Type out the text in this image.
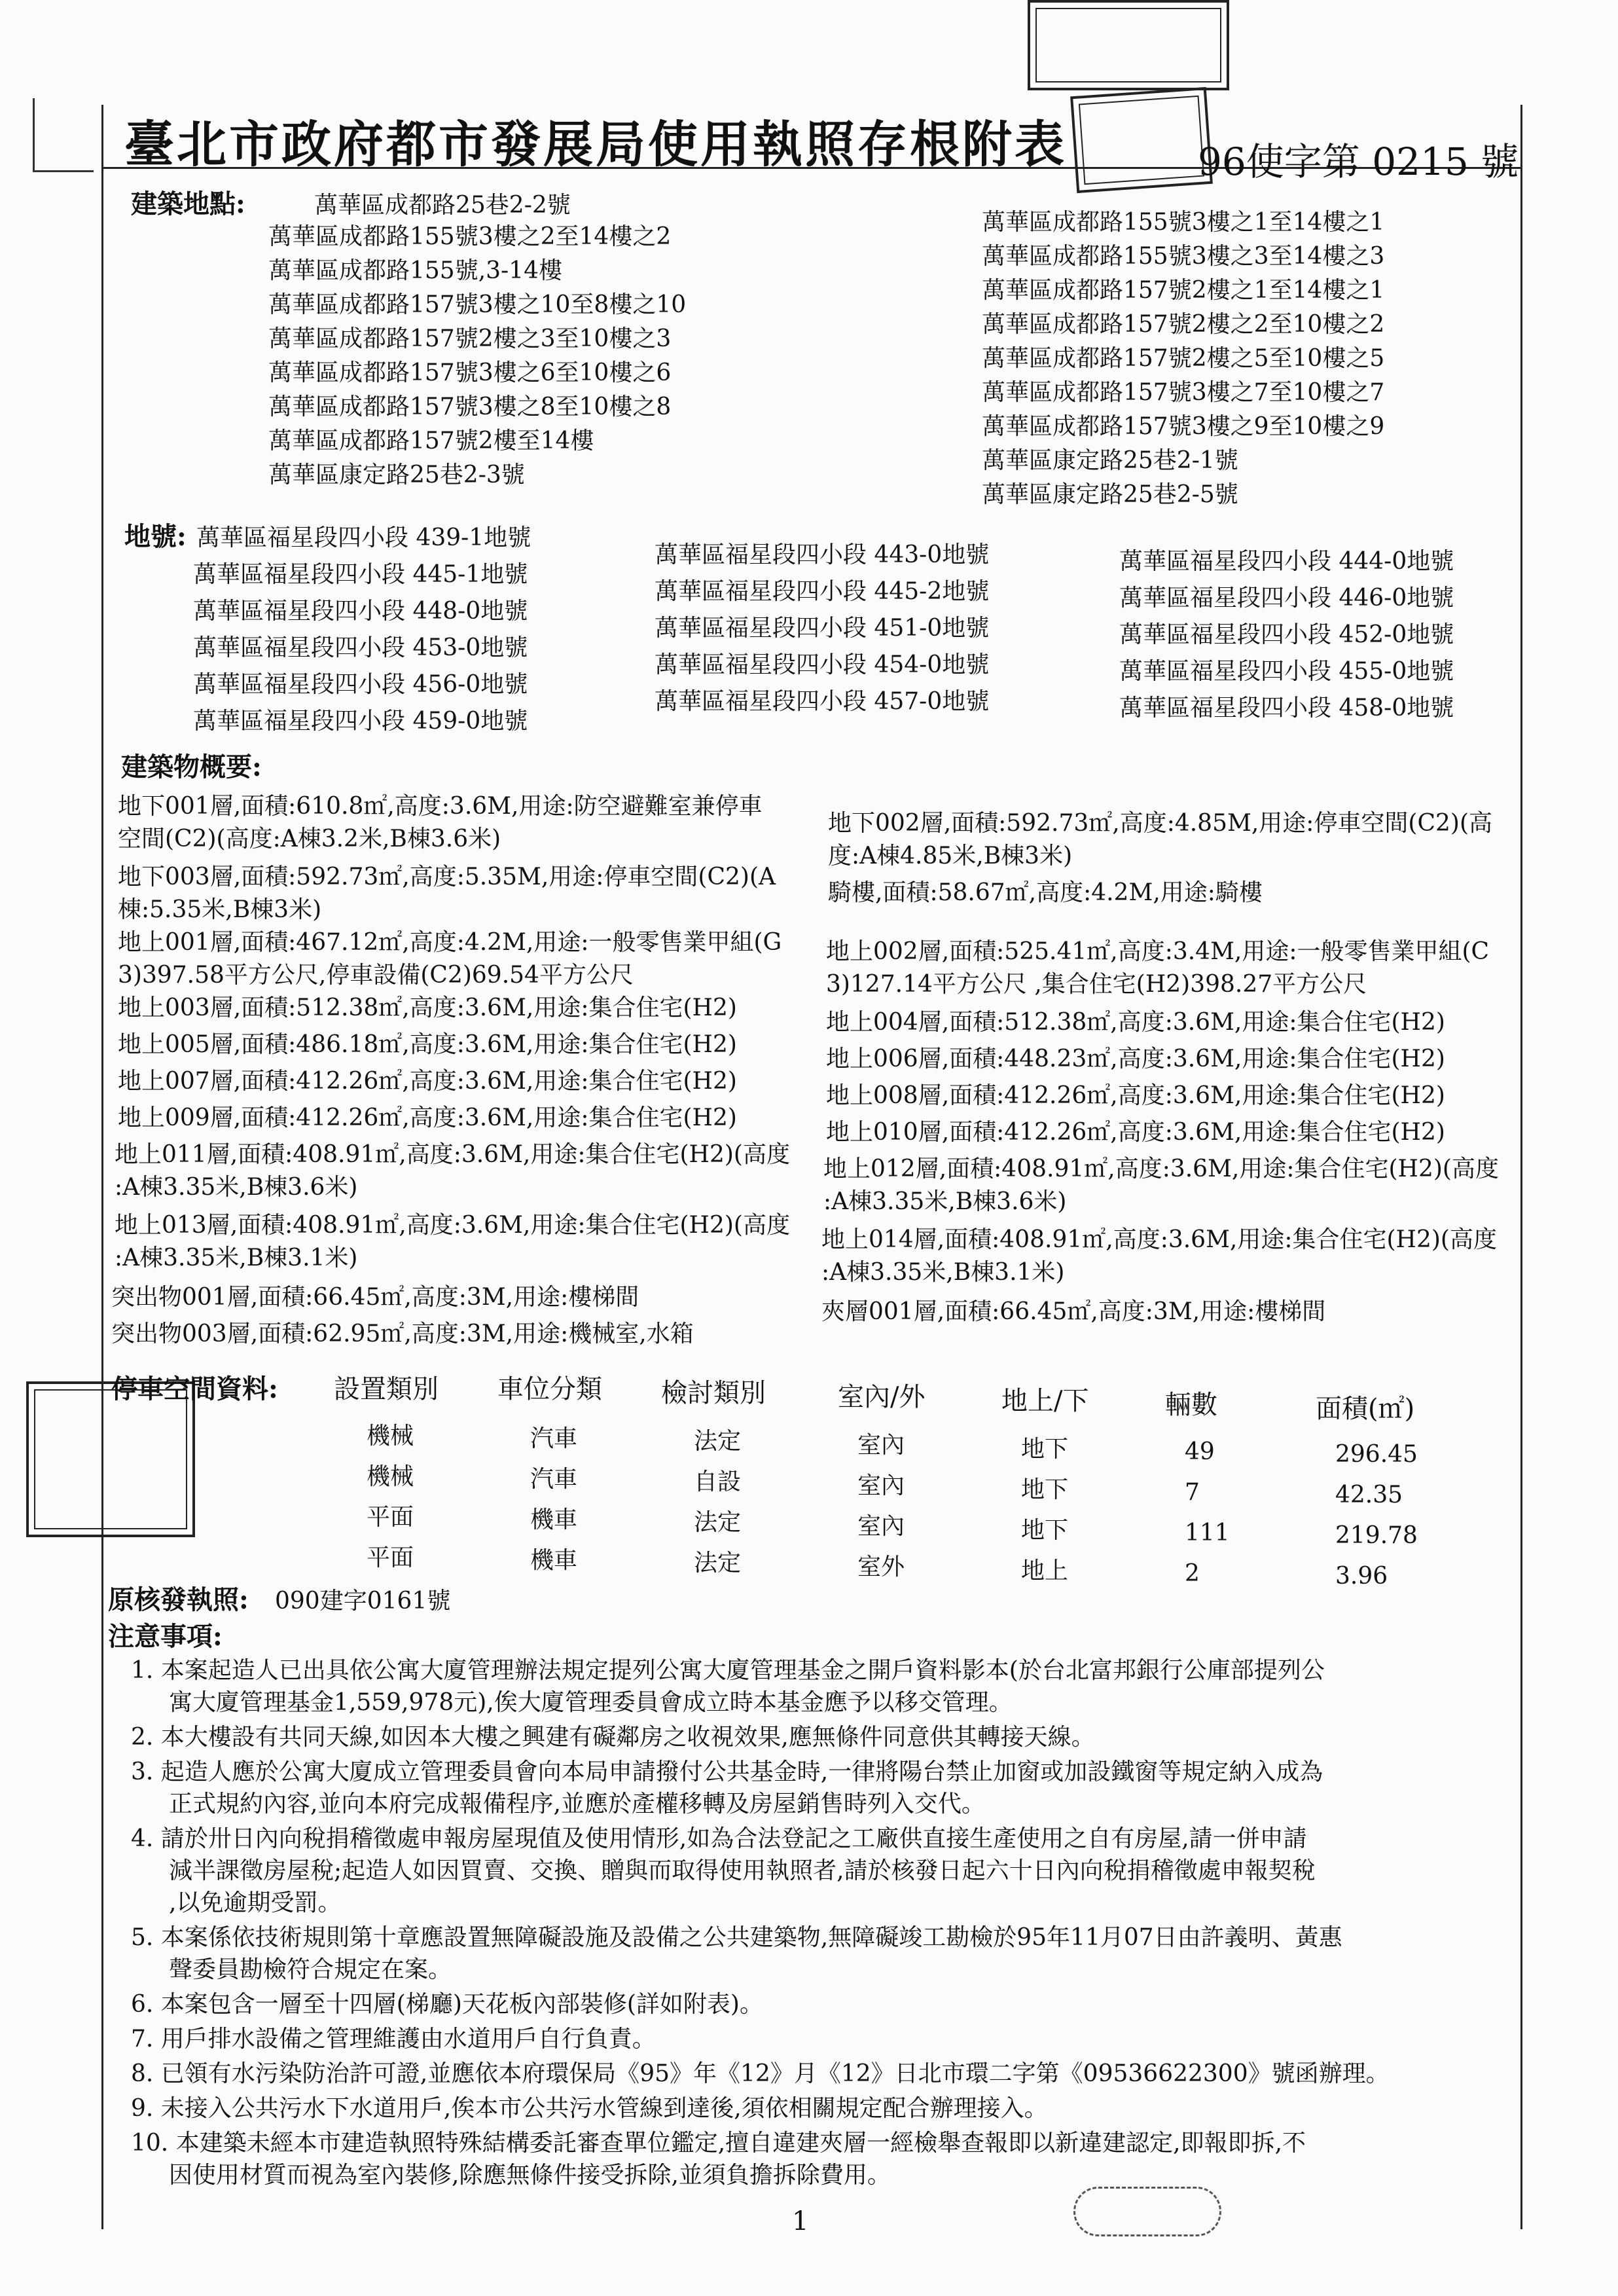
臺北市政府都市發展局使用執照存根附表	96使字第 0215 號
建築地點:	萬華區成都路25巷2-2號
萬華區成都路155號3樓之2至14樓之2
萬華區成都路155號,3-14樓
萬華區成都路157號3樓之10至8樓之10
萬華區成都路157號2樓之3至10樓之3
萬華區成都路157號3樓之6至10樓之6
萬華區成都路157號3樓之8至10樓之8
萬華區成都路157號2樓至14樓
萬華區康定路25巷2-3號
萬華區成都路155號3樓之1至14樓之1
萬華區成都路155號3樓之3至14樓之3
萬華區成都路157號2樓之1至14樓之1
萬華區成都路157號2樓之2至10樓之2
萬華區成都路157號2樓之5至10樓之5
萬華區成都路157號3樓之7至10樓之7
萬華區成都路157號3樓之9至10樓之9
萬華區康定路25巷2-1號
萬華區康定路25巷2-5號
地號: 萬華區福星段四小段 439-1地號
萬華區福星段四小段 445-1地號
萬華區福星段四小段 448-0地號
萬華區福星段四小段 453-0地號
萬華區福星段四小段 456-0地號
萬華區福星段四小段 459-0地號
萬華區福星段四小段 443-0地號
萬華區福星段四小段 445-2地號
萬華區福星段四小段 451-0地號
萬華區福星段四小段 454-0地號
萬華區福星段四小段 457-0地號
萬華區福星段四小段 444-0地號
萬華區福星段四小段 446-0地號
萬華區福星段四小段 452-0地號
萬華區福星段四小段 455-0地號
萬華區福星段四小段 458-0地號
建築物概要:
地下001層,面積:610.8㎡,高度:3.6M,用途:防空避難室兼停車
空間(C2)(高度:A棟3.2米,B棟3.6米)
地下003層,面積:592.73㎡,高度:5.35M,用途:停車空間(C2)(A
棟:5.35米,B棟3米)
地上001層,面積:467.12㎡,高度:4.2M,用途:一般零售業甲組(G
3)397.58平方公尺,停車設備(C2)69.54平方公尺
地上003層,面積:512.38㎡,高度:3.6M,用途:集合住宅(H2)
地上005層,面積:486.18㎡,高度:3.6M,用途:集合住宅(H2)
地上007層,面積:412.26㎡,高度:3.6M,用途:集合住宅(H2)
地上009層,面積:412.26㎡,高度:3.6M,用途:集合住宅(H2)
地上011層,面積:408.91㎡,高度:3.6M,用途:集合住宅(H2)(高度
:A棟3.35米,B棟3.6米)
地上013層,面積:408.91㎡,高度:3.6M,用途:集合住宅(H2)(高度
:A棟3.35米,B棟3.1米)
突出物001層,面積:66.45㎡,高度:3M,用途:樓梯間
突出物003層,面積:62.95㎡,高度:3M,用途:機械室,水箱
地下002層,面積:592.73㎡,高度:4.85M,用途:停車空間(C2)(高
度:A棟4.85米,B棟3米)
騎樓,面積:58.67㎡,高度:4.2M,用途:騎樓
地上002層,面積:525.41㎡,高度:3.4M,用途:一般零售業甲組(C
3)127.14平方公尺 ,集合住宅(H2)398.27平方公尺
地上004層,面積:512.38㎡,高度:3.6M,用途:集合住宅(H2)
地上006層,面積:448.23㎡,高度:3.6M,用途:集合住宅(H2)
地上008層,面積:412.26㎡,高度:3.6M,用途:集合住宅(H2)
地上010層,面積:412.26㎡,高度:3.6M,用途:集合住宅(H2)
地上012層,面積:408.91㎡,高度:3.6M,用途:集合住宅(H2)(高度
:A棟3.35米,B棟3.6米)
地上014層,面積:408.91㎡,高度:3.6M,用途:集合住宅(H2)(高度
:A棟3.35米,B棟3.1米)
夾層001層,面積:66.45㎡,高度:3M,用途:樓梯間
停車空間資料: 設置類別 車位分類 檢討類別	室內/外	地上/下	輛數	面積(㎡)
機械	汽車	法定	室內	地下	49	296.45
機械	汽車	自設	室內	地下	7	42.35
平面	機車	法定	室內	地下	111	219.78
平面	機車	法定	室外	地上	2	3.96
原核發執照: 090建字0161號
注意事項:
1. 本案起造人已出具依公寓大廈管理辦法規定提列公寓大廈管理基金之開戶資料影本(於台北富邦銀行公庫部提列公
寓大廈管理基金1,559,978元),俟大廈管理委員會成立時本基金應予以移交管理。
2. 本大樓設有共同天線,如因本大樓之興建有礙鄰房之收視效果,應無條件同意供其轉接天線。
3. 起造人應於公寓大廈成立管理委員會向本局申請撥付公共基金時,一律將陽台禁止加窗或加設鐵窗等規定納入成為
正式規約內容,並向本府完成報備程序,並應於產權移轉及房屋銷售時列入交代。
4. 請於卅日內向稅捐稽徵處申報房屋現值及使用情形,如為合法登記之工廠供直接生產使用之自有房屋,請一併申請
減半課徵房屋稅;起造人如因買賣、交換、贈與而取得使用執照者,請於核發日起六十日內向稅捐稽徵處申報契稅
,以免逾期受罰。
5. 本案係依技術規則第十章應設置無障礙設施及設備之公共建築物,無障礙竣工勘檢於95年11月07日由許義明、黃惠
聲委員勘檢符合規定在案。
6. 本案包含一層至十四層(梯廳)天花板內部裝修(詳如附表)。
7. 用戶排水設備之管理維護由水道用戶自行負責。
8. 已領有水污染防治許可證,並應依本府環保局《95》年《12》月《12》日北市環二字第《09536622300》號函辦理。
9. 未接入公共污水下水道用戶,俟本市公共污水管線到達後,須依相關規定配合辦理接入。
10. 本建築未經本市建造執照特殊結構委託審查單位鑑定,擅自違建夾層一經檢舉查報即以新違建認定,即報即拆,不
因使用材質而視為室內裝修,除應無條件接受拆除,並須負擔拆除費用。
1
